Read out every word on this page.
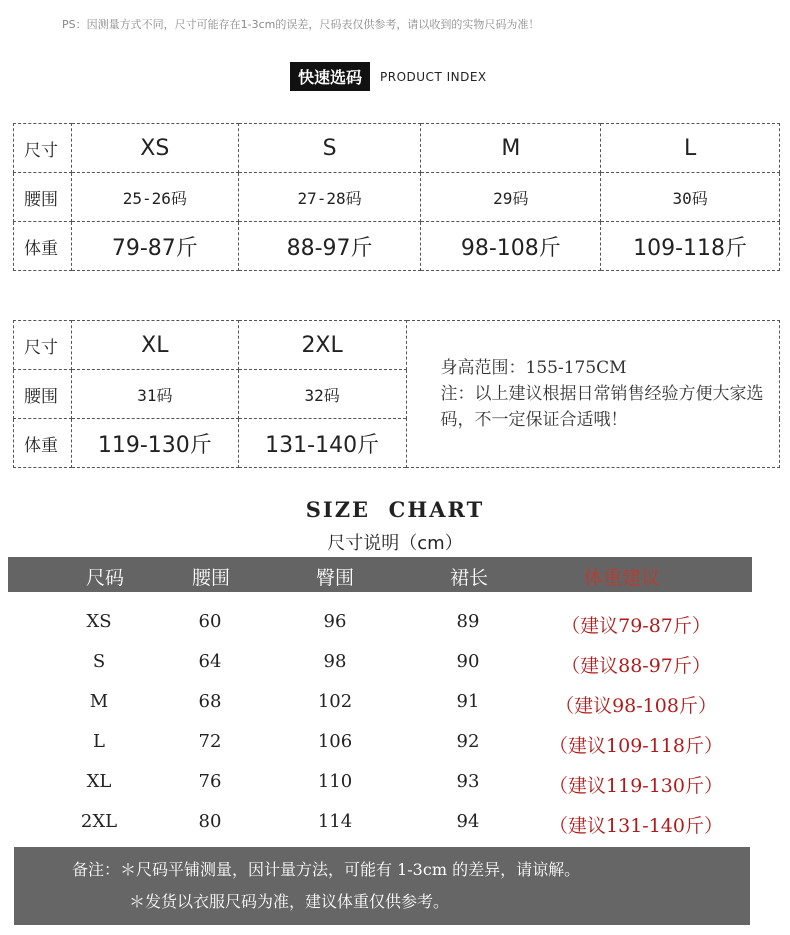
PS：因测量方式不同，尺寸可能存在1-3cm的误差，尺码表仅供参考，请以收到的实物尺码为准！
快速选码	PRODUCT INDEX
尺寸	XS	S	M	L
腰围	25-26码	27-28码	29码	30码
体重	79-87斤	88-97斤	98-108斤	109-118斤
尺寸	XL	2XL	身高范围：155-175CM
注：以上建议根据日常销售经验方便大家选码，不一定保证合适哦！

腰围	31码	32码	
体重	119-130斤	131-140斤	
SIZE  CHART
尺寸说明（cm）
尺码	腰围	臀围	裙长	体重建议
XS	60	96	89	（建议79-87斤）
S	64	98	90	（建议88-97斤）
M	68	102	91	（建议98-108斤）
L	72	106	92	（建议109-118斤）
XL	76	110	93	（建议119-130斤）
2XL	80	114	94	（建议131-140斤）
备注：＊尺码平铺测量，因计量方法，可能有 1-3cm 的差异，请谅解。
＊发货以衣服尺码为准，建议体重仅供参考。
